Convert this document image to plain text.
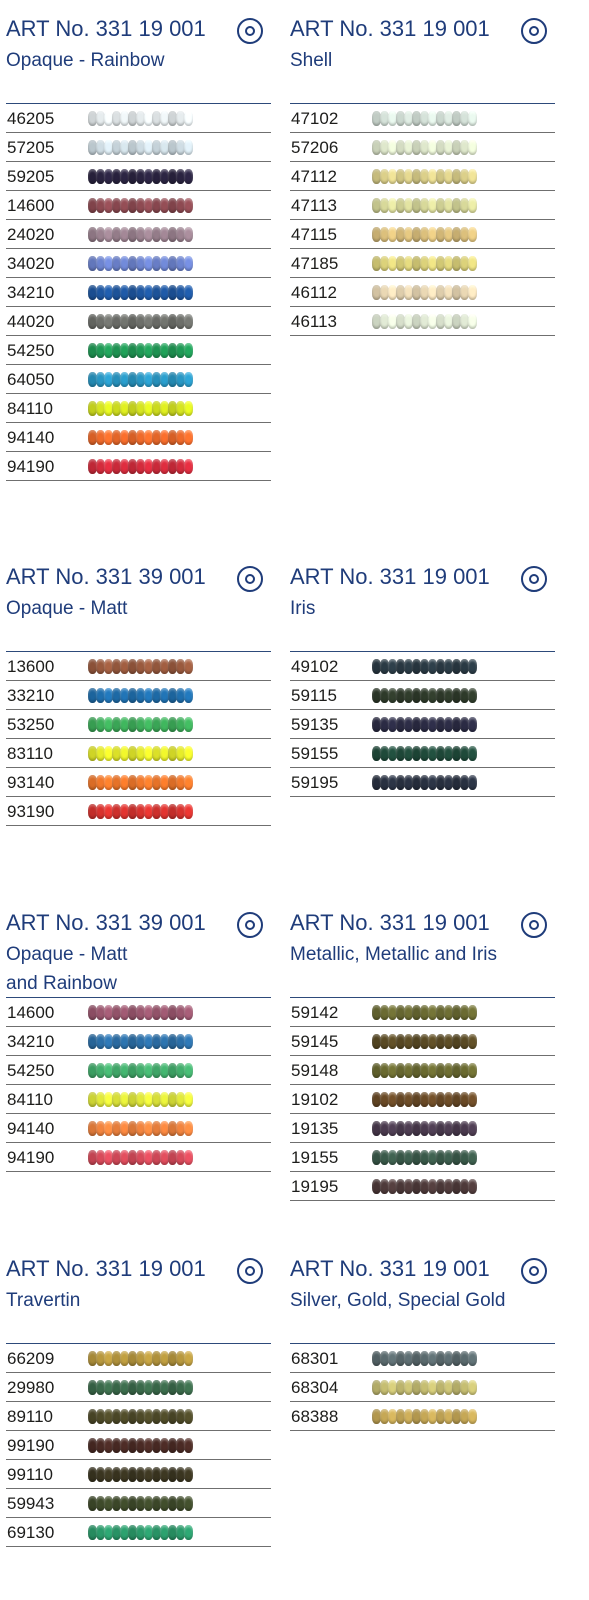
ART No. 331 19 001
Opaque - Rainbow
46205
57205
59205
14600
24020
34020
34210
44020
54250
64050
84110
94140
94190
ART No. 331 19 001
Shell
47102
57206
47112
47113
47115
47185
46112
46113
ART No. 331 39 001
Opaque - Matt
13600
33210
53250
83110
93140
93190
ART No. 331 19 001
Iris
49102
59115
59135
59155
59195
ART No. 331 39 001
Opaque - Matt
and Rainbow
14600
34210
54250
84110
94140
94190
ART No. 331 19 001
Metallic, Metallic and Iris
59142
59145
59148
19102
19135
19155
19195
ART No. 331 19 001
Travertin
66209
29980
89110
99190
99110
59943
69130
ART No. 331 19 001
Silver, Gold, Special Gold
68301
68304
68388
